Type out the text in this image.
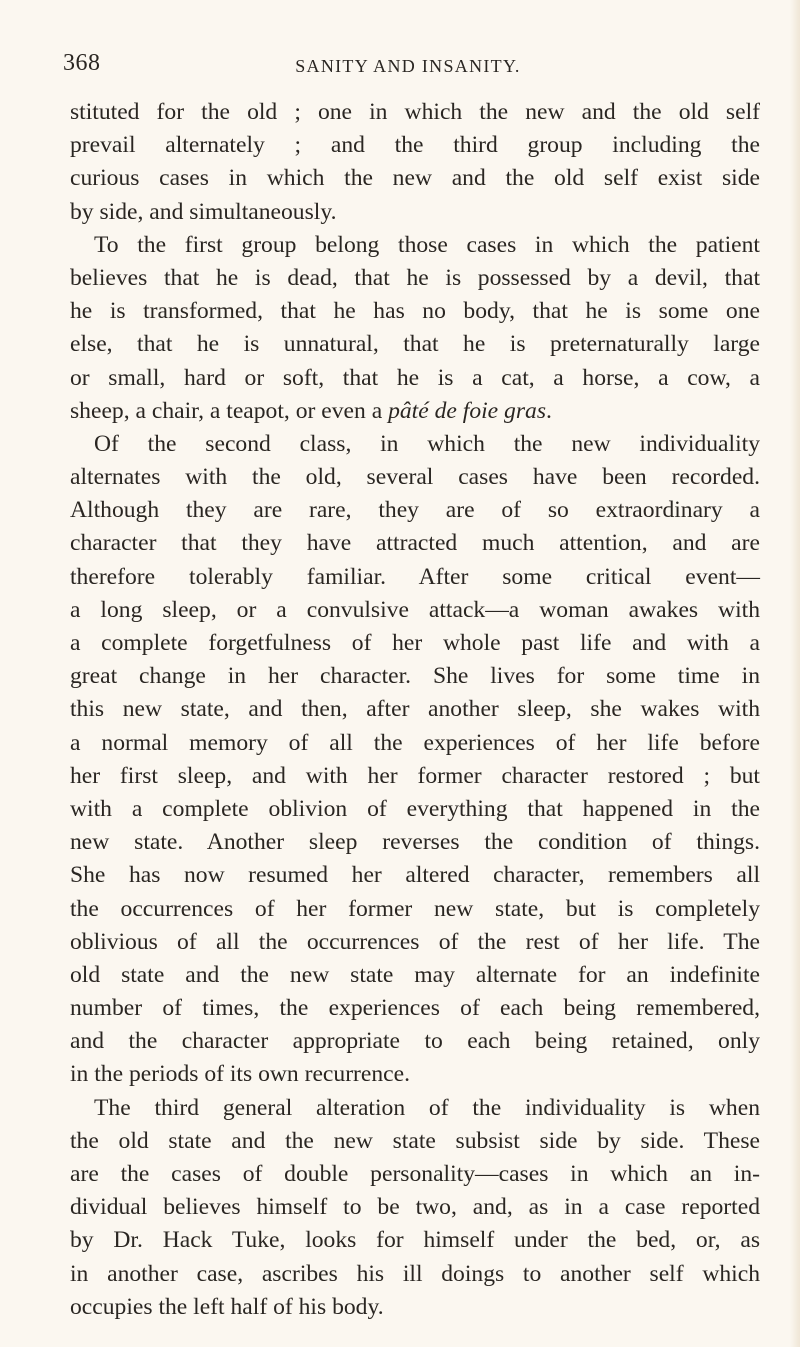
368	SANITY AND INSANITY.
stituted for the old ; one in which the new and the old self
prevail alternately ; and the third group including the
curious cases in which the new and the old self exist side
by side, and simultaneously.
To the first group belong those cases in which the patient
believes that he is dead, that he is possessed by a devil, that
he is transformed, that he has no body, that he is some one
else, that he is unnatural, that he is preternaturally large
or small, hard or soft, that he is a cat, a horse, a cow, a
sheep, a chair, a teapot, or even a pâté de foie gras.
Of the second class, in which the new individuality
alternates with the old, several cases have been recorded.
Although they are rare, they are of so extraordinary a
character that they have attracted much attention, and are
therefore tolerably familiar. After some critical event—
a long sleep, or a convulsive attack—a woman awakes with
a complete forgetfulness of her whole past life and with a
great change in her character. She lives for some time in
this new state, and then, after another sleep, she wakes with
a normal memory of all the experiences of her life before
her first sleep, and with her former character restored ; but
with a complete oblivion of everything that happened in the
new state. Another sleep reverses the condition of things.
She has now resumed her altered character, remembers all
the occurrences of her former new state, but is completely
oblivious of all the occurrences of the rest of her life. The
old state and the new state may alternate for an indefinite
number of times, the experiences of each being remembered,
and the character appropriate to each being retained, only
in the periods of its own recurrence.
The third general alteration of the individuality is when
the old state and the new state subsist side by side. These
are the cases of double personality—cases in which an in-
dividual believes himself to be two, and, as in a case reported
by Dr. Hack Tuke, looks for himself under the bed, or, as
in another case, ascribes his ill doings to another self which
occupies the left half of his body.
